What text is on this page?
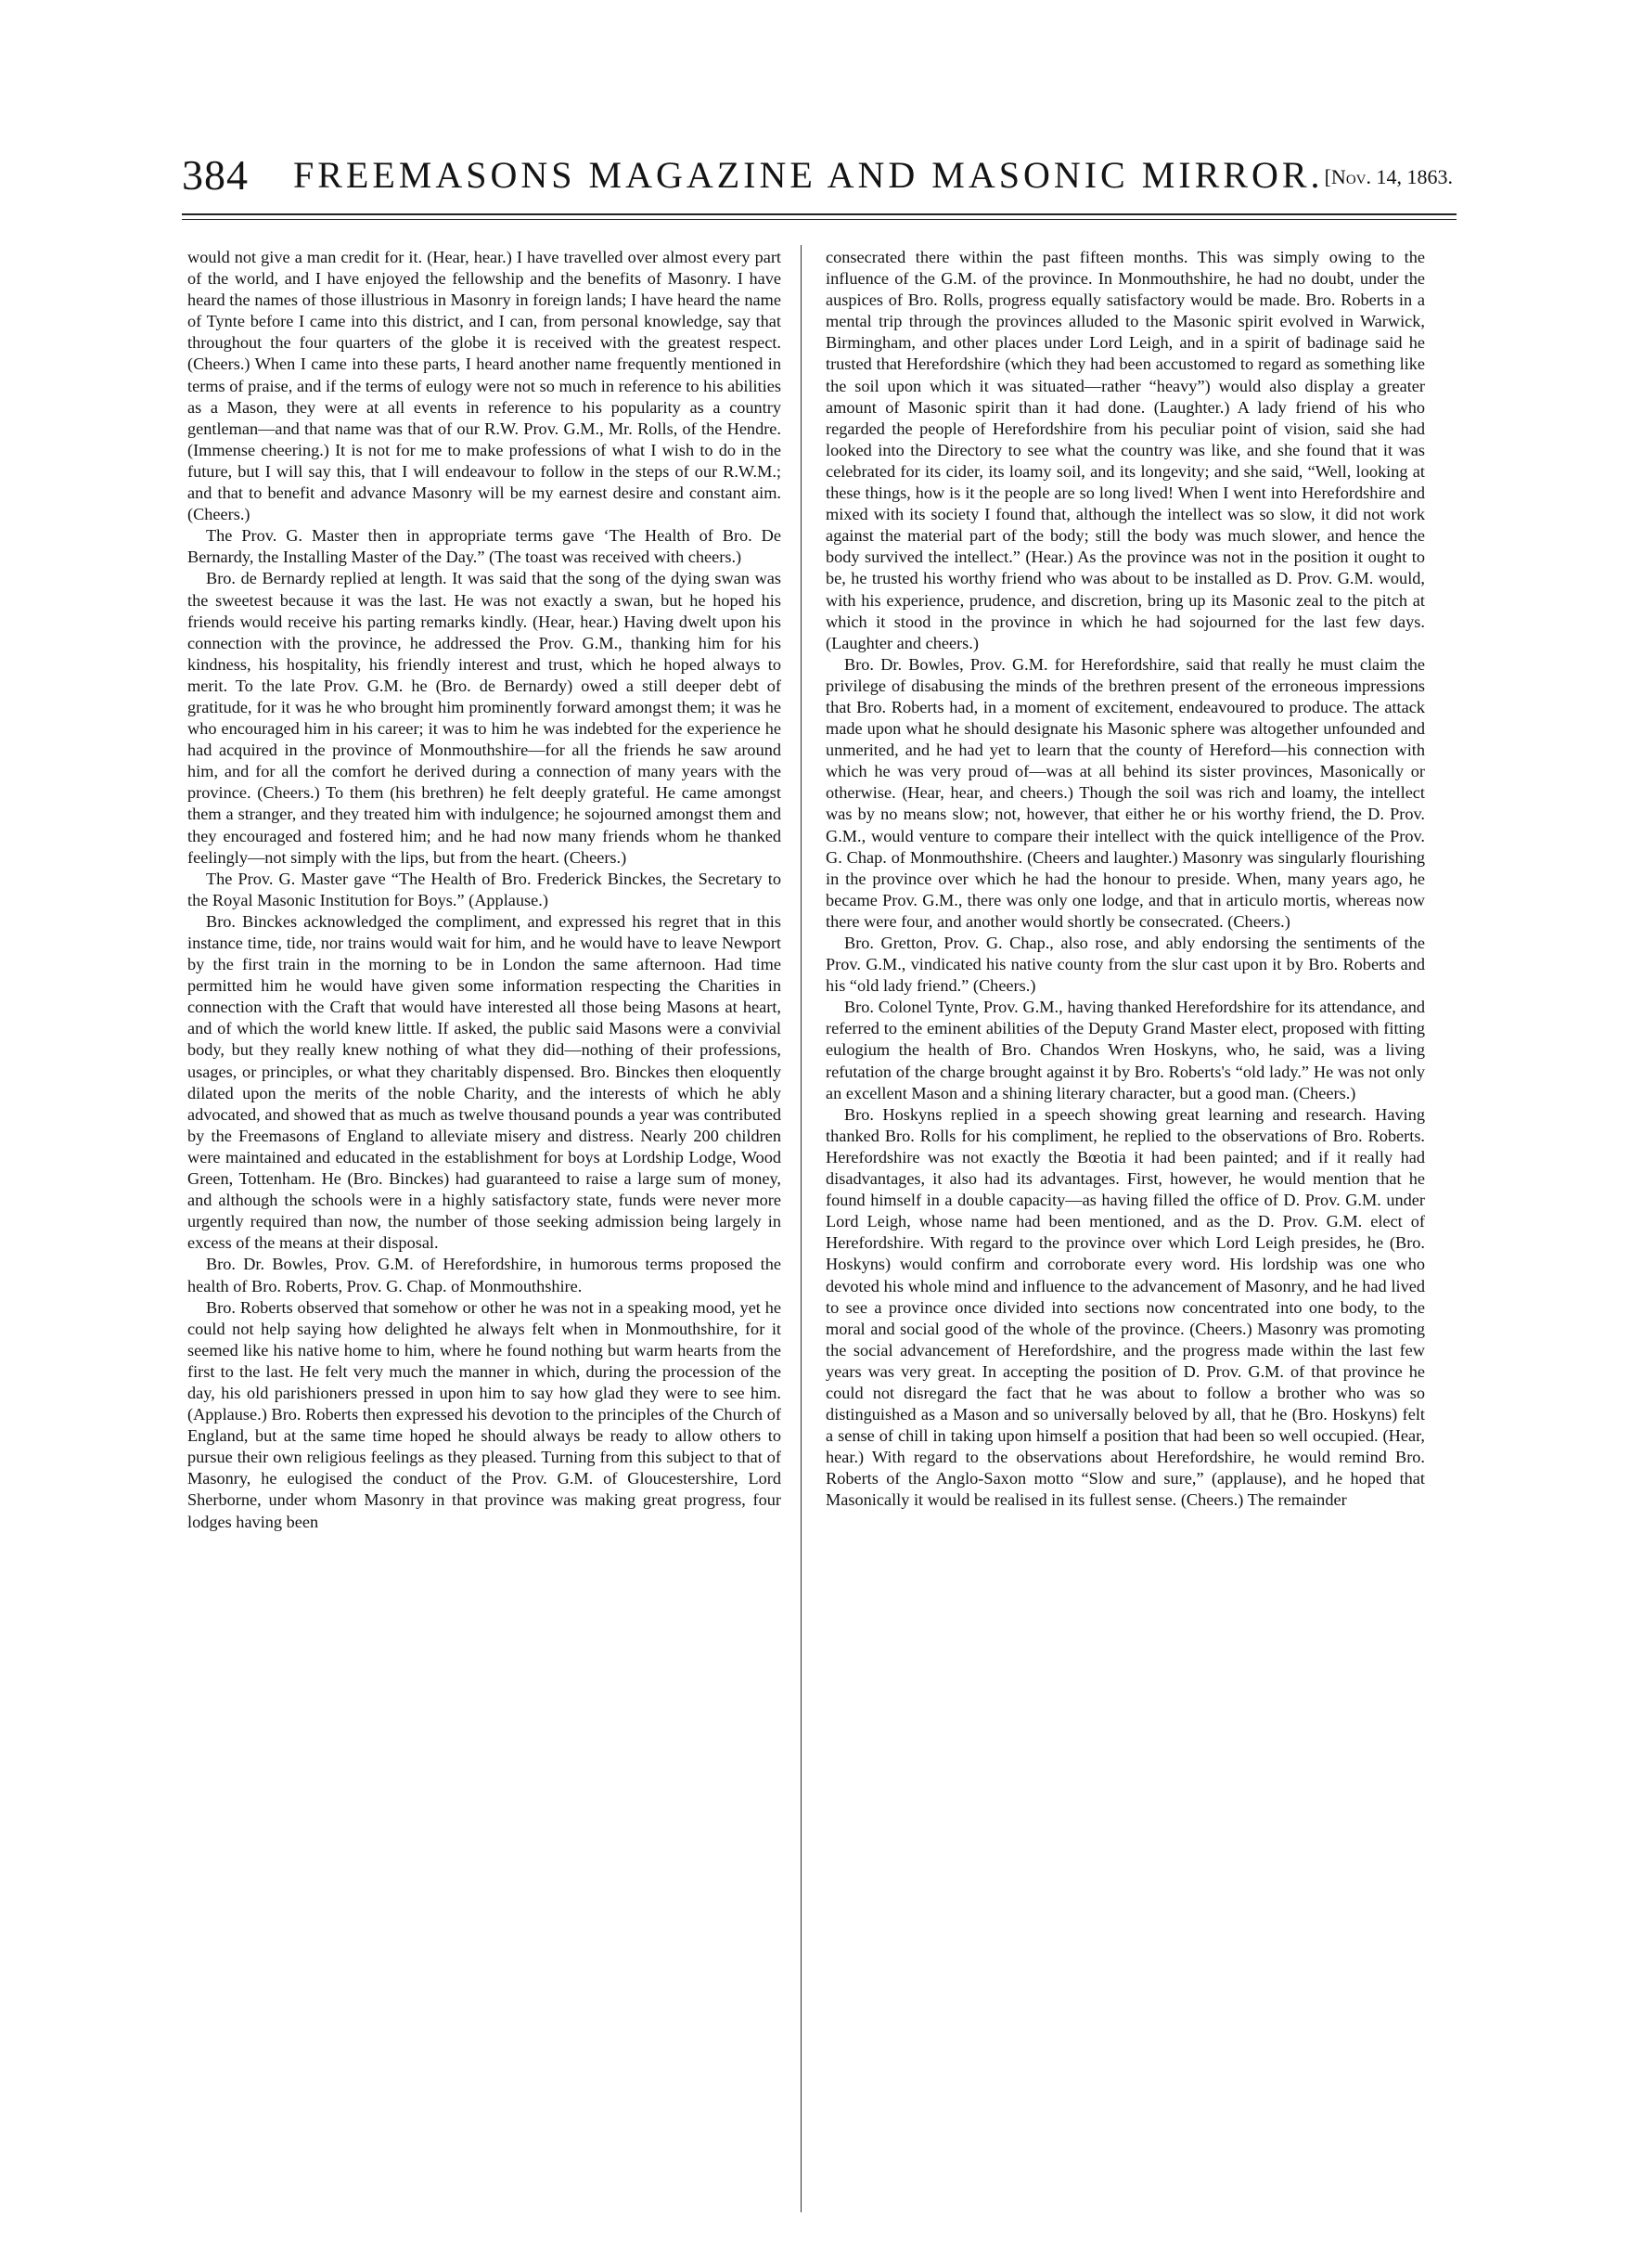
384 FREEMASONS MAGAZINE AND MASONIC MIRROR. [Nov. 14, 1863.

would not give a man credit for it. (Hear, hear.) I have travelled over almost every part of the world, and I have enjoyed the fellowship and the benefits of Masonry. I have heard the names of those illustrious in Masonry in foreign lands; I have heard the name of Tynte before I came into this district, and I can, from personal knowledge, say that throughout the four quarters of the globe it is received with the greatest respect. (Cheers.) When I came into these parts, I heard another name frequently mentioned in terms of praise, and if the terms of eulogy were not so much in reference to his abilities as a Mason, they were at all events in reference to his popularity as a country gentleman—and that name was that of our R.W. Prov. G.M., Mr. Rolls, of the Hendre. (Immense cheering.) It is not for me to make professions of what I wish to do in the future, but I will say this, that I will endeavour to follow in the steps of our R.W.M.; and that to benefit and advance Masonry will be my earnest desire and constant aim. (Cheers.)

The Prov. G. Master then in appropriate terms gave ‘The Health of Bro. De Bernardy, the Installing Master of the Day.” (The toast was received with cheers.)

Bro. de Bernardy replied at length. It was said that the song of the dying swan was the sweetest because it was the last. He was not exactly a swan, but he hoped his friends would receive his parting remarks kindly. (Hear, hear.) Having dwelt upon his connection with the province, he addressed the Prov. G.M., thanking him for his kindness, his hospitality, his friendly interest and trust, which he hoped always to merit. To the late Prov. G.M. he (Bro. de Bernardy) owed a still deeper debt of gratitude, for it was he who brought him prominently forward amongst them; it was he who encouraged him in his career; it was to him he was indebted for the experience he had acquired in the province of Monmouthshire—for all the friends he saw around him, and for all the comfort he derived during a connection of many years with the province. (Cheers.) To them (his brethren) he felt deeply grateful. He came amongst them a stranger, and they treated him with indulgence; he sojourned amongst them and they encouraged and fostered him; and he had now many friends whom he thanked feelingly—not simply with the lips, but from the heart. (Cheers.)

The Prov. G. Master gave “The Health of Bro. Frederick Binckes, the Secretary to the Royal Masonic Institution for Boys.” (Applause.)

Bro. Binckes acknowledged the compliment, and expressed his regret that in this instance time, tide, nor trains would wait for him, and he would have to leave Newport by the first train in the morning to be in London the same afternoon. Had time permitted him he would have given some information respecting the Charities in connection with the Craft that would have interested all those being Masons at heart, and of which the world knew little. If asked, the public said Masons were a convivial body, but they really knew nothing of what they did—nothing of their professions, usages, or principles, or what they charitably dispensed. Bro. Binckes then eloquently dilated upon the merits of the noble Charity, and the interests of which he ably advocated, and showed that as much as twelve thousand pounds a year was contributed by the Freemasons of England to alleviate misery and distress. Nearly 200 children were maintained and educated in the establishment for boys at Lordship Lodge, Wood Green, Tottenham. He (Bro. Binckes) had guaranteed to raise a large sum of money, and although the schools were in a highly satisfactory state, funds were never more urgently required than now, the number of those seeking admission being largely in excess of the means at their disposal.

Bro. Dr. Bowles, Prov. G.M. of Herefordshire, in humorous terms proposed the health of Bro. Roberts, Prov. G. Chap. of Monmouthshire.

Bro. Roberts observed that somehow or other he was not in a speaking mood, yet he could not help saying how delighted he always felt when in Monmouthshire, for it seemed like his native home to him, where he found nothing but warm hearts from the first to the last. He felt very much the manner in which, during the procession of the day, his old parishioners pressed in upon him to say how glad they were to see him. (Applause.) Bro. Roberts then expressed his devotion to the principles of the Church of England, but at the same time hoped he should always be ready to allow others to pursue their own religious feelings as they pleased. Turning from this subject to that of Masonry, he eulogised the conduct of the Prov. G.M. of Gloucestershire, Lord Sherborne, under whom Masonry in that province was making great progress, four lodges having been

consecrated there within the past fifteen months. This was simply owing to the influence of the G.M. of the province. In Monmouthshire, he had no doubt, under the auspices of Bro. Rolls, progress equally satisfactory would be made. Bro. Roberts in a mental trip through the provinces alluded to the Masonic spirit evolved in Warwick, Birmingham, and other places under Lord Leigh, and in a spirit of badinage said he trusted that Herefordshire (which they had been accustomed to regard as something like the soil upon which it was situated—rather “heavy”) would also display a greater amount of Masonic spirit than it had done. (Laughter.) A lady friend of his who regarded the people of Herefordshire from his peculiar point of vision, said she had looked into the Directory to see what the country was like, and she found that it was celebrated for its cider, its loamy soil, and its longevity; and she said, “Well, looking at these things, how is it the people are so long lived! When I went into Herefordshire and mixed with its society I found that, although the intellect was so slow, it did not work against the material part of the body; still the body was much slower, and hence the body survived the intellect.” (Hear.) As the province was not in the position it ought to be, he trusted his worthy friend who was about to be installed as D. Prov. G.M. would, with his experience, prudence, and discretion, bring up its Masonic zeal to the pitch at which it stood in the province in which he had sojourned for the last few days. (Laughter and cheers.)

Bro. Dr. Bowles, Prov. G.M. for Herefordshire, said that really he must claim the privilege of disabusing the minds of the brethren present of the erroneous impressions that Bro. Roberts had, in a moment of excitement, endeavoured to produce. The attack made upon what he should designate his Masonic sphere was altogether unfounded and unmerited, and he had yet to learn that the county of Hereford—his connection with which he was very proud of—was at all behind its sister provinces, Masonically or otherwise. (Hear, hear, and cheers.) Though the soil was rich and loamy, the intellect was by no means slow; not, however, that either he or his worthy friend, the D. Prov. G.M., would venture to compare their intellect with the quick intelligence of the Prov. G. Chap. of Monmouthshire. (Cheers and laughter.) Masonry was singularly flourishing in the province over which he had the honour to preside. When, many years ago, he became Prov. G.M., there was only one lodge, and that in articulo mortis, whereas now there were four, and another would shortly be consecrated. (Cheers.)

Bro. Gretton, Prov. G. Chap., also rose, and ably endorsing the sentiments of the Prov. G.M., vindicated his native county from the slur cast upon it by Bro. Roberts and his “old lady friend.” (Cheers.)

Bro. Colonel Tynte, Prov. G.M., having thanked Herefordshire for its attendance, and referred to the eminent abilities of the Deputy Grand Master elect, proposed with fitting eulogium the health of Bro. Chandos Wren Hoskyns, who, he said, was a living refutation of the charge brought against it by Bro. Roberts's “old lady.” He was not only an excellent Mason and a shining literary character, but a good man. (Cheers.)

Bro. Hoskyns replied in a speech showing great learning and research. Having thanked Bro. Rolls for his compliment, he replied to the observations of Bro. Roberts. Herefordshire was not exactly the Bœotia it had been painted; and if it really had disadvantages, it also had its advantages. First, however, he would mention that he found himself in a double capacity—as having filled the office of D. Prov. G.M. under Lord Leigh, whose name had been mentioned, and as the D. Prov. G.M. elect of Herefordshire. With regard to the province over which Lord Leigh presides, he (Bro. Hoskyns) would confirm and corroborate every word. His lordship was one who devoted his whole mind and influence to the advancement of Masonry, and he had lived to see a province once divided into sections now concentrated into one body, to the moral and social good of the whole of the province. (Cheers.) Masonry was promoting the social advancement of Herefordshire, and the progress made within the last few years was very great. In accepting the position of D. Prov. G.M. of that province he could not disregard the fact that he was about to follow a brother who was so distinguished as a Mason and so universally beloved by all, that he (Bro. Hoskyns) felt a sense of chill in taking upon himself a position that had been so well occupied. (Hear, hear.) With regard to the observations about Herefordshire, he would remind Bro. Roberts of the Anglo-Saxon motto “Slow and sure,” (applause), and he hoped that Masonically it would be realised in its fullest sense. (Cheers.) The remainder
